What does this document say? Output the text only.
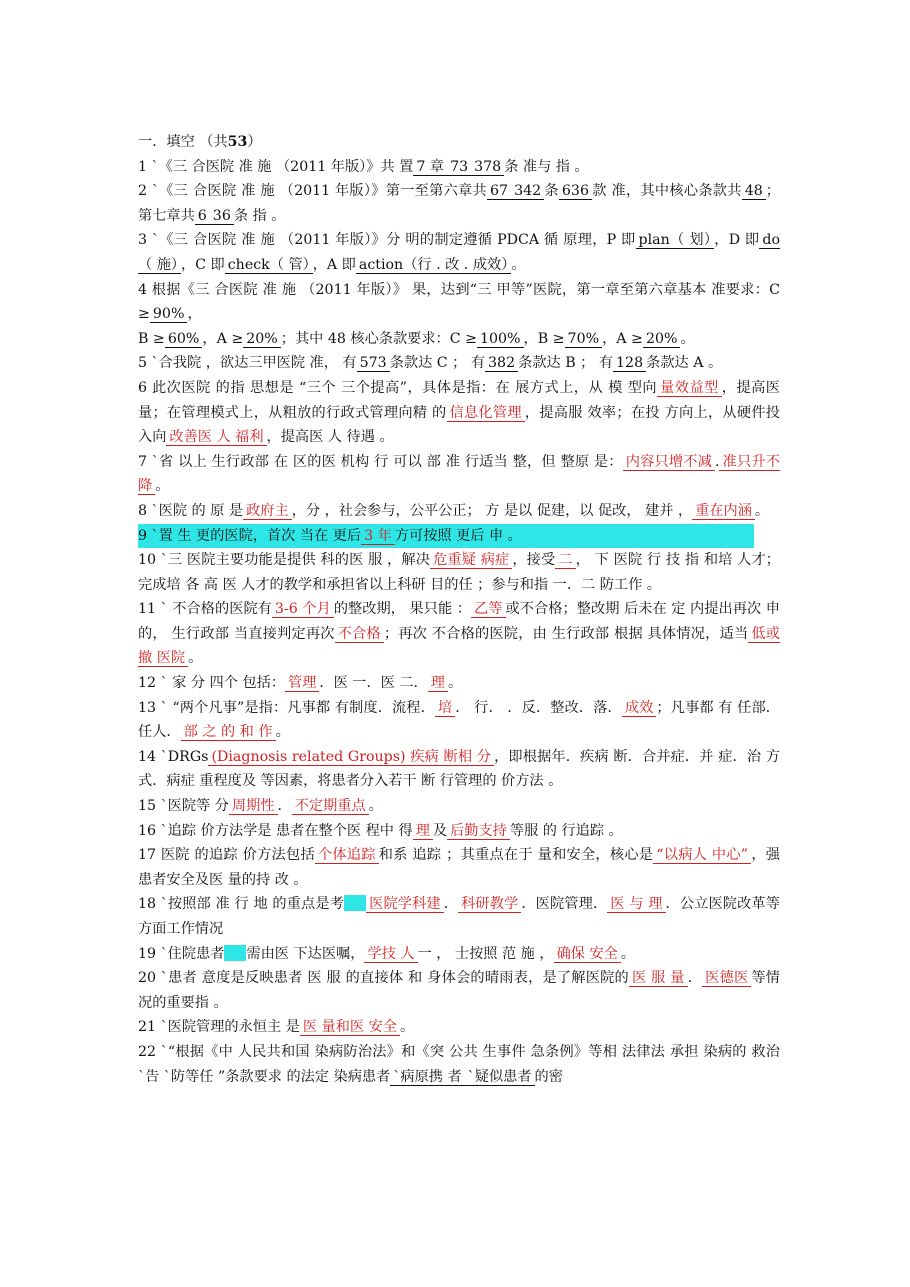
一．填空 （共53）
1 `《三 合医院 准 施 （2011 年版）》共 置 7 章 73 378 条 准与 指 。
2 `《三 合医院 准 施 （2011 年版）》第一至第六章共 67 342 条 636 款 准，其中核心条款共 48 ；第七章共 6 36 条 指 。
3 `《三 合医院 准 施 （2011 年版）》分 明的制定遵循 PDCA 循 原理，P 即 plan（ 划） ，D 即 do（ 施） ，C 即 check（ 管） ，A 即 action（行 . 改 . 成效） 。
4 根据《三 合医院 准 施 （2011 年版）》 果，达到“三 甲等”医院，第一章至第六章基本 准要求：C ≥ 90% ，
B ≥ 60% ，A ≥ 20% ；其中 48 核心条款要求：C ≥ 100% ，B ≥ 70% ，A ≥ 20% 。
5 `合我院 ，欲达三甲医院 准， 有 573 条款达 C ； 有 382 条款达 B ； 有 128 条款达 A 。
6 此次医院 的指 思想是 “三个 三个提高”，具体是指：在 展方式上，从 模 型向 量效益型 ，提高医 量；在管理模式上，从粗放的行政式管理向精 的 信息化管理 ，提高服 效率；在投 方向上，从硬件投入向 改善医 人 福利 ，提高医 人 待遇 。
7 `省 以上 生行政部 在 区的医 机构 行 可以 部 准 行适当 整，但 整原 是： 内容只增不减 . 准只升不降 。
8 `医院 的 原 是 政府主 ，分 ，社会参与，公平公正； 方 是以 促建，以 促改， 建并 ， 重在内涵 。
9 `置 生 更的医院，首次 当在 更后 3 年 方可按照 更后 申 。
10 `三 医院主要功能是提供 科的医 服 ，解决 危重疑 病症 ，接受 二 ， 下 医院 行 技 指 和培 人才；完成培 各 高 医 人才的教学和承担省以上科研 目的任 ；参与和指 一．二 防工作 。
11 ` 不合格的医院有 3-6 个月 的整改期， 果只能 ： 乙等 或不合格；整改期 后未在 定 内提出再次 申 的， 生行政部 当直接判定再次 不合格 ；再次 不合格的医院，由 生行政部 根据 具体情况，适当 低或撤 医院 。
12 ` 家 分 四个 包括： 管理 ．医 一．医 二． 理 。
13 ` “两个凡事”是指：凡事都 有制度．流程． 培 ． 行． ．反．整改．落． 成效 ；凡事都 有 任部． 任人． 部 之 的 和 作 。
14 `DRGs (Diagnosis related Groups) 疾病 断相 分 ，即根据年．疾病 断．合并症．并 症．治 方式．病症 重程度及 等因素，将患者分入若干 断 行管理的 价方法 。
15 `医院等 分 周期性 ． 不定期重点 。
16 `追踪 价方法学是 患者在整个医 程中 得 理 及 后勤支持 等服 的 行追踪 。
17 医院 的追踪 价方法包括 个体追踪 和系 追踪 ；其重点在于 量和安全，核心是 “以病人 中心” ，强 患者安全及医 量的持 改 。
18 `按照部 准 行 地 的重点是考 医院学科建 ． 科研教学 ．医院管理． 医 与 理 ．公立医院改革等方面工作情况
19 `住院患者 需由医 下达医嘱， 学技 人 一 ， 士按照 范 施 ， 确保 安全 。
20 `患者 意度是反映患者 医 服 的直接体 和 身体会的晴雨表，是了解医院的 医 服 量 ． 医德医 等情况的重要指 。
21 `医院管理的永恒主 是 医 量和医 安全 。
22 `“根据《中 人民共和国 染病防治法》和《突 公共 生事件 急条例》等相 法律法 承担 染病的 救治 `告 `防等任 ”条款要求 的法定 染病患者 `病原携 者 `疑似患者 的密
